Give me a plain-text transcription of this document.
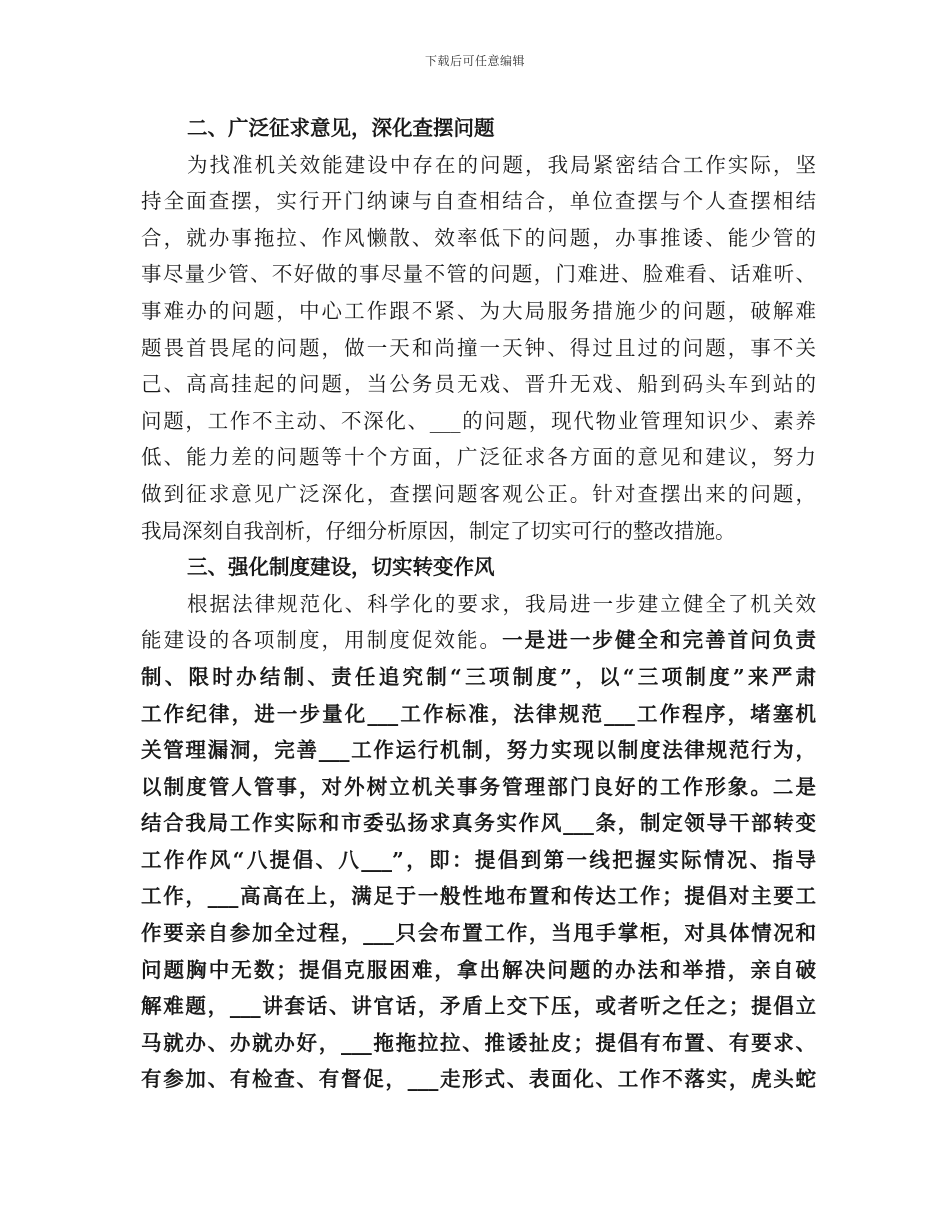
下载后可任意编辑
二、广泛征求意见，深化查摆问题
为找准机关效能建设中存在的问题，我局紧密结合工作实际，坚
持全面查摆，实行开门纳谏与自查相结合，单位查摆与个人查摆相结
合，就办事拖拉、作风懒散、效率低下的问题，办事推诿、能少管的
事尽量少管、不好做的事尽量不管的问题，门难进、脸难看、话难听、
事难办的问题，中心工作跟不紧、为大局服务措施少的问题，破解难
题畏首畏尾的问题，做一天和尚撞一天钟、得过且过的问题，事不关
己、高高挂起的问题，当公务员无戏、晋升无戏、船到码头车到站的
问题，工作不主动、不深化、___的问题，现代物业管理知识少、素养
低、能力差的问题等十个方面，广泛征求各方面的意见和建议，努力
做到征求意见广泛深化，查摆问题客观公正。针对查摆出来的问题，
我局深刻自我剖析，仔细分析原因，制定了切实可行的整改措施。
三、强化制度建设，切实转变作风
根据法律规范化、科学化的要求，我局进一步建立健全了机关效
能建设的各项制度，用制度促效能。一是进一步健全和完善首问负责
制、限时办结制、责任追究制“三项制度”，以“三项制度”来严肃
工作纪律，进一步量化___工作标准，法律规范___工作程序，堵塞机
关管理漏洞，完善___工作运行机制，努力实现以制度法律规范行为，
以制度管人管事，对外树立机关事务管理部门良好的工作形象。二是
结合我局工作实际和市委弘扬求真务实作风___条，制定领导干部转变
工作作风“八提倡、八___”，即：提倡到第一线把握实际情况、指导
工作，___高高在上，满足于一般性地布置和传达工作；提倡对主要工
作要亲自参加全过程，___只会布置工作，当甩手掌柜，对具体情况和
问题胸中无数；提倡克服困难，拿出解决问题的办法和举措，亲自破
解难题，___讲套话、讲官话，矛盾上交下压，或者听之任之；提倡立
马就办、办就办好，___拖拖拉拉、推诿扯皮；提倡有布置、有要求、
有参加、有检查、有督促，___走形式、表面化、工作不落实，虎头蛇
